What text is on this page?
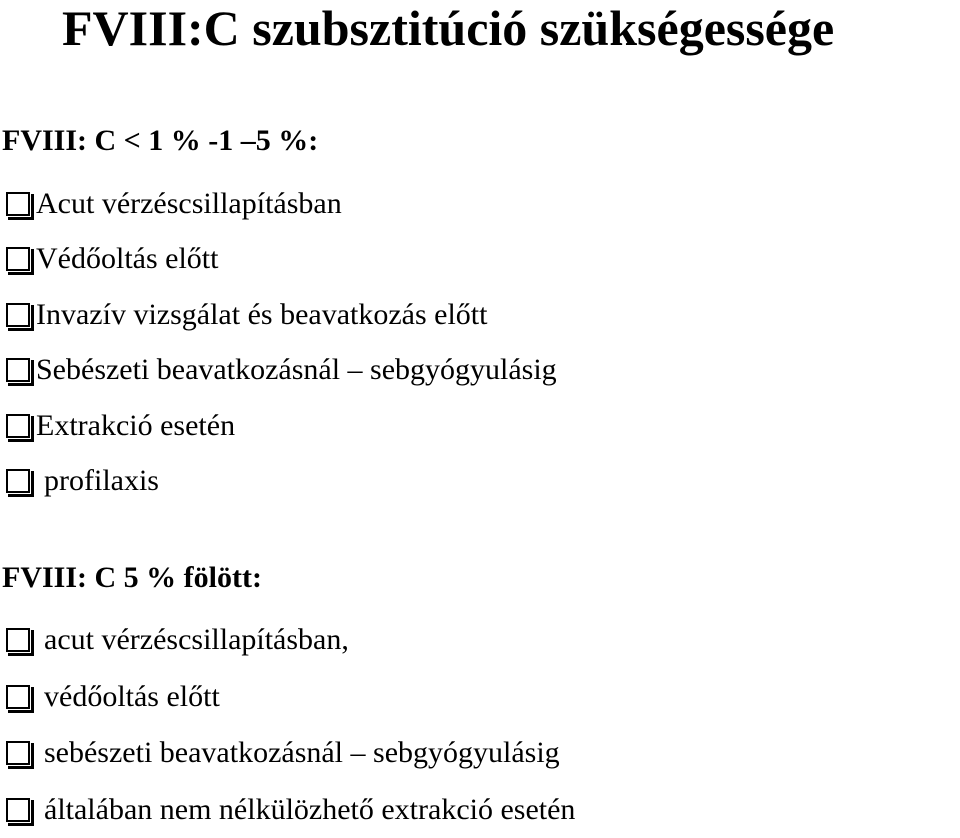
FVIII:C szubsztitúció szükségessége
FVIII: C < 1 % -1 –5 %:
Acut vérzéscsillapításban
Védőoltás előtt
Invazív vizsgálat és beavatkozás előtt
Sebészeti beavatkozásnál – sebgyógyulásig
Extrakció esetén
profilaxis
FVIII: C 5 % fölött:
acut vérzéscsillapításban,
védőoltás előtt
sebészeti beavatkozásnál – sebgyógyulásig
általában nem nélkülözhető extrakció esetén
